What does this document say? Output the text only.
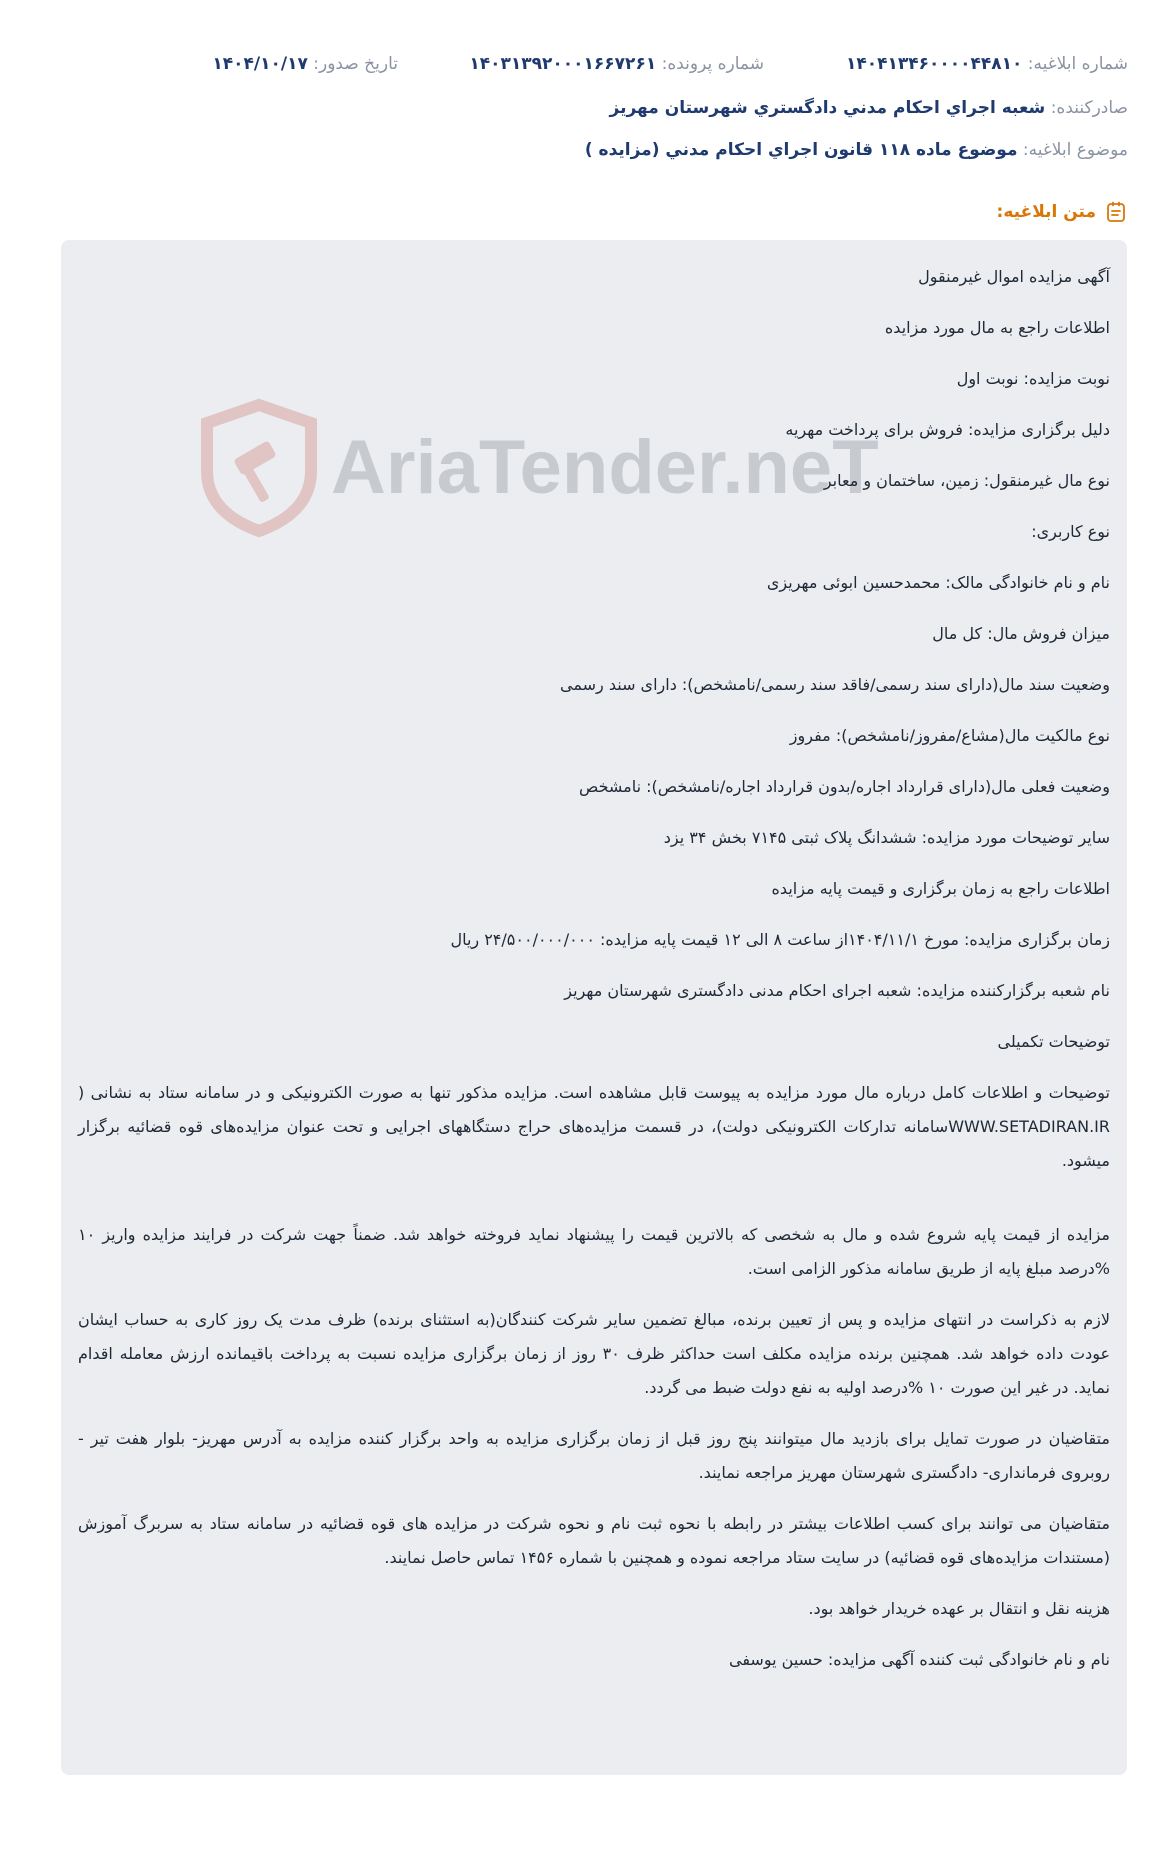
شماره ابلاغيه: ۱۴۰۴۱۳۴۶۰۰۰۰۴۴۸۱۰
شماره پرونده: ۱۴۰۳۱۳۹۲۰۰۰۱۶۶۷۲۶۱
تاريخ صدور: ۱۴۰۴/۱۰/۱۷
صادرکننده: شعبه اجراي احکام مدني دادگستري شهرستان مهريز
موضوع ابلاغيه: موضوع ماده ۱۱۸ قانون اجراي احکام مدني (مزايده )
متن ابلاغيه:
AriaTender.neT

آگهی مزایده اموال غیرمنقول

اطلاعات راجع به مال مورد مزایده

نوبت مزایده: نوبت اول

دلیل برگزاری مزایده: فروش برای پرداخت مهریه

نوع مال غیرمنقول: زمین، ساختمان و معابر

نوع کاربری:

نام و نام خانوادگی مالک: محمدحسین ابوئی مهریزی

میزان فروش مال: کل مال

وضعیت سند مال(دارای سند رسمی/فاقد سند رسمی/نامشخص): دارای سند رسمی

نوع مالکیت مال(مشاع/مفروز/نامشخص): مفروز

وضعیت فعلی مال(دارای قرارداد اجاره/بدون قرارداد اجاره/نامشخص): نامشخص

سایر توضیحات مورد مزایده: ششدانگ پلاک ثبتی ۷۱۴۵ بخش ۳۴ یزد

اطلاعات راجع به زمان برگزاری و قیمت پایه مزایده

زمان برگزاری مزایده: مورخ ۱۴۰۴/۱۱/۱از ساعت ۸ الی ۱۲ قیمت پایه مزایده: ۲۴/۵۰۰/۰۰۰/۰۰۰ ریال

نام شعبه برگزارکننده مزایده: شعبه اجرای احکام مدنی دادگستری شهرستان مهریز

توضیحات تکمیلی

توضیحات و اطلاعات کامل درباره مال مورد مزایده به پیوست قابل مشاهده است. مزایده مذکور تنها به صورت الکترونیکی و در سامانه ستاد به نشانی ( WWW.SETADIRAN.IRسامانه تدارکات الکترونیکی دولت)، در قسمت مزایده‌های حراج دستگاههای اجرایی و تحت عنوان مزایده‌های قوه قضائیه برگزار میشود.

مزایده از قیمت پایه شروع شده و مال به شخصی که بالاترین قیمت را پیشنهاد نماید فروخته خواهد شد. ضمناً جهت شرکت در فرایند مزایده واریز ۱۰ %درصد مبلغ پایه از طریق سامانه مذکور الزامی است.

لازم به ذکراست در انتهای مزایده و پس از تعیین برنده، مبالغ تضمین سایر شرکت کنندگان(به استثنای برنده) ظرف مدت یک روز کاری به حساب ایشان عودت داده خواهد شد. همچنین برنده مزایده مکلف است حداکثر ظرف ۳۰ روز از زمان برگزاری مزایده نسبت به پرداخت باقیمانده ارزش معامله اقدام نماید. در غیر این صورت ۱۰ %درصد اولیه به نفع دولت ضبط می گردد.

متقاضیان در صورت تمایل برای بازدید مال میتوانند پنج روز قبل از زمان برگزاری مزایده به واحد برگزار کننده مزایده به آدرس مهریز- بلوار هفت تیر - روبروی فرمانداری- دادگستری شهرستان مهریز مراجعه نمایند.

متقاضیان می توانند برای کسب اطلاعات بیشتر در رابطه با نحوه ثبت نام و نحوه شرکت در مزایده های قوه قضائیه در سامانه ستاد به سربرگ آموزش (مستندات مزایده‌های قوه قضائیه) در سایت ستاد مراجعه نموده و همچنین با شماره ۱۴۵۶ تماس حاصل نمایند.

هزینه نقل و انتقال بر عهده خریدار خواهد بود.

نام و نام خانوادگی ثبت کننده آگهی مزایده: حسین یوسفی
